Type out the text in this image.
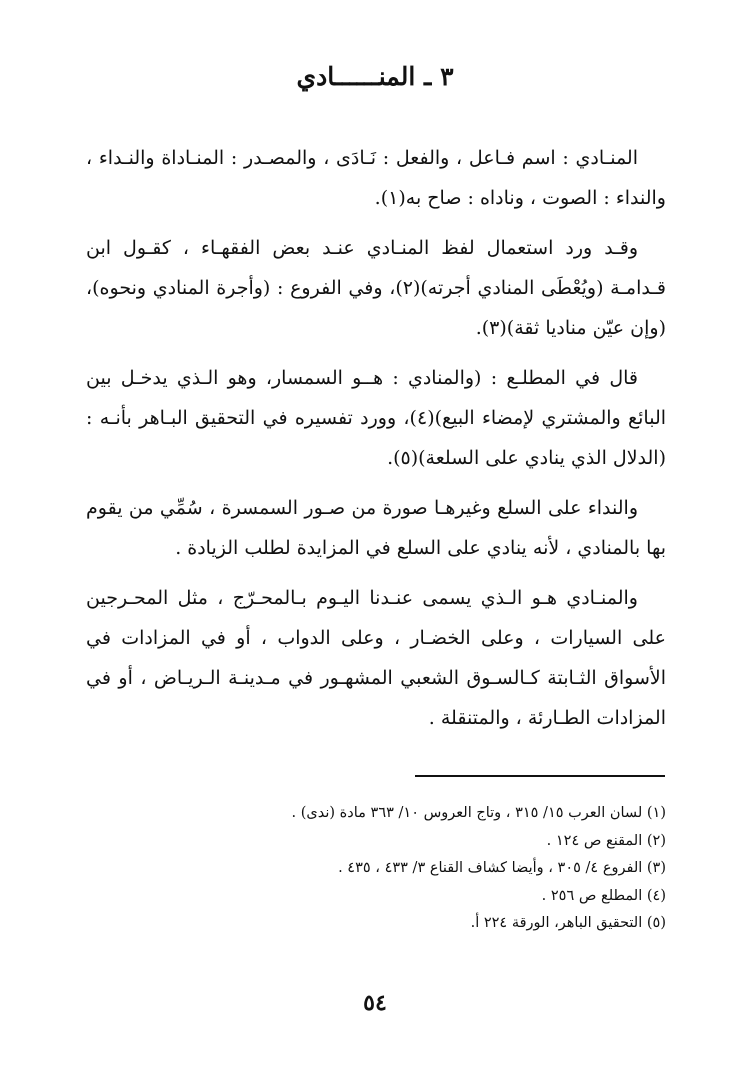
٣ ـ المنــــــادي

المنـادي : اسم فـاعل ، والفعل : نَـادَى ، والمصـدر : المنـاداة والنـداء ، والنداء : الصوت ، وناداه : صاح به(١).

وقـد ورد استعمال لفظ المنـادي عنـد بعض الفقهـاء ، كقـول ابن قـدامـة (ويُعْطَى المنادي أجرته)(٢)، وفي الفروع : (وأجرة المنادي ونحوه)، (وإن عيّن مناديا ثقة)(٣).

قال في المطلـع : (والمنادي : هــو السمسار، وهو الـذي يدخـل بين البائع والمشتري لإمضاء البيع)(٤)، وورد تفسيره في التحقيق البـاهر بأنـه : (الدلال الذي ينادي على السلعة)(٥).

والنداء على السلع وغيرهـا صورة من صـور السمسرة ، سُمِّي من يقوم بها بالمنادي ، لأنه ينادي على السلع في المزايدة لطلب الزيادة .

والمنـادي هـو الـذي يسمى عنـدنا اليـوم بـالمحـرّج ، مثل المحـرجين على السيارات ، وعلى الخضـار ، وعلى الدواب ، أو في المزادات في الأسواق الثـابتة كـالسـوق الشعبي المشهـور في مـدينـة الـريـاض ، أو في المزادات الطـارئة ، والمتنقلة .

(١) لسان العرب ١٥/ ٣١٥ ، وتاج العروس ١٠/ ٣٦٣ مادة (ندى) .
(٢) المقنع ص ١٢٤ .
(٣) الفروع ٤/ ٣٠٥ ، وأيضا كشاف القناع ٣/ ٤٣٣ ، ٤٣٥ .
(٤) المطلع ص ٢٥٦ .
(٥) التحقيق الباهر، الورقة ٢٢٤ أ.
٥٤
